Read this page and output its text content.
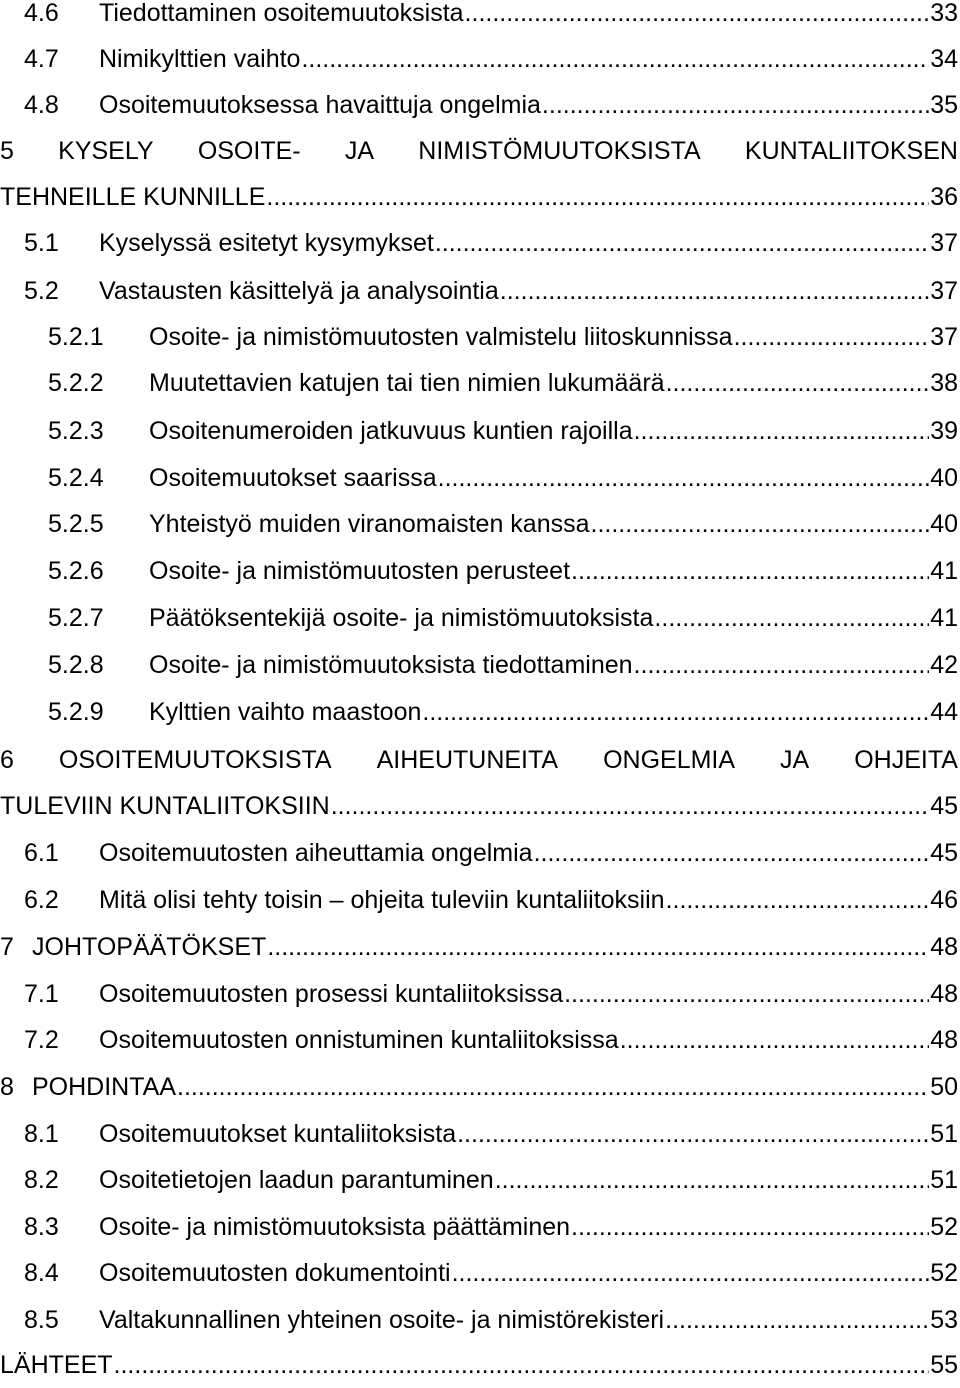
4.6	Tiedottaminen osoitemuutoksista .....	33
4.7	Nimikylttien vaihto .....	34
4.8	Osoitemuutoksessa havaittuja ongelmia .....	35
5 KYSELY OSOITE- JA NIMISTÖMUUTOKSISTA KUNTALIITOKSEN
TEHNEILLE KUNNILLE .....	36
5.1	Kyselyssä esitetyt kysymykset .....	37
5.2	Vastausten käsittelyä ja analysointia .....	37
5.2.1	Osoite- ja nimistömuutosten valmistelu liitoskunnissa .....	37
5.2.2	Muutettavien katujen tai tien nimien lukumäärä .....	38
5.2.3	Osoitenumeroiden jatkuvuus kuntien rajoilla .....	39
5.2.4	Osoitemuutokset saarissa .....	40
5.2.5	Yhteistyö muiden viranomaisten kanssa .....	40
5.2.6	Osoite- ja nimistömuutosten perusteet .....	41
5.2.7	Päätöksentekijä osoite- ja nimistömuutoksista .....	41
5.2.8	Osoite- ja nimistömuutoksista tiedottaminen .....	42
5.2.9	Kylttien vaihto maastoon .....	44
6 OSOITEMUUTOKSISTA AIHEUTUNEITA ONGELMIA JA OHJEITA
TULEVIIN KUNTALIITOKSIIN .....	45
6.1	Osoitemuutosten aiheuttamia ongelmia .....	45
6.2	Mitä olisi tehty toisin – ohjeita tuleviin kuntaliitoksiin .....	46
7 JOHTOPÄÄTÖKSET .....	48
7.1	Osoitemuutosten prosessi kuntaliitoksissa .....	48
7.2	Osoitemuutosten onnistuminen kuntaliitoksissa .....	48
8 POHDINTAA .....	50
8.1	Osoitemuutokset kuntaliitoksista .....	51
8.2	Osoitetietojen laadun parantuminen .....	51
8.3	Osoite- ja nimistömuutoksista päättäminen .....	52
8.4	Osoitemuutosten dokumentointi .....	52
8.5	Valtakunnallinen yhteinen osoite- ja nimistörekisteri .....	53
LÄHTEET .....	55
